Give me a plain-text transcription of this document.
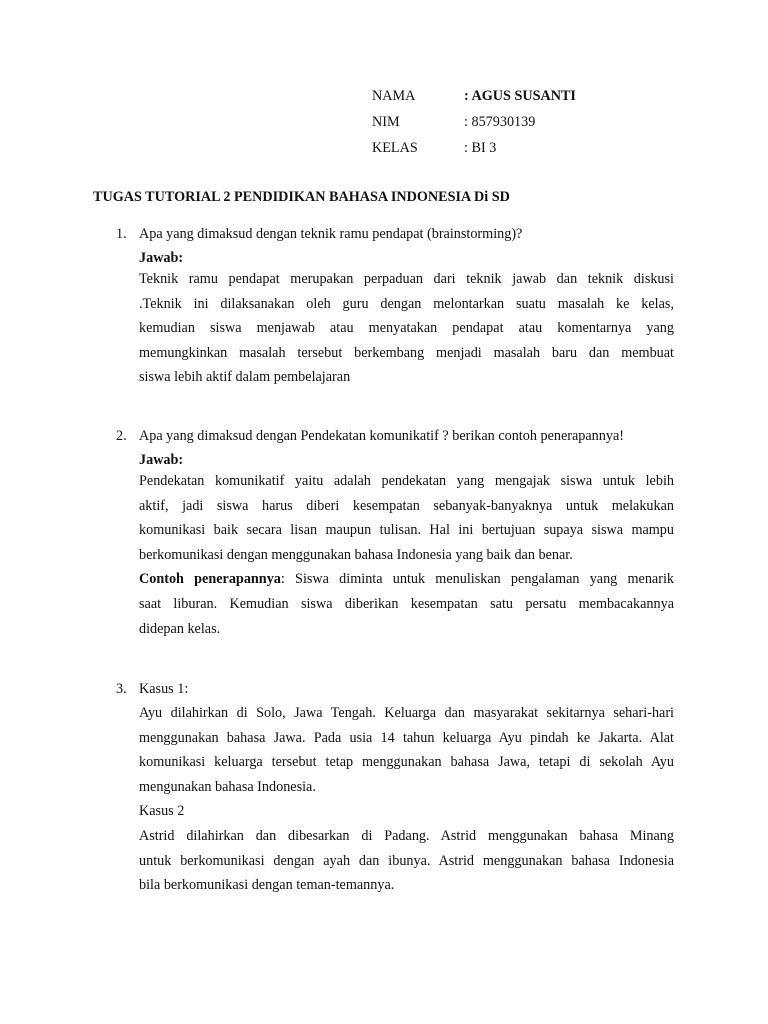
NAMA	: AGUS SUSANTI
NIM	: 857930139
KELAS	: BI 3
TUGAS TUTORIAL 2 PENDIDIKAN BAHASA INDONESIA Di SD
1. Apa yang dimaksud dengan teknik ramu pendapat (brainstorming)?
Jawab:
Teknik ramu pendapat merupakan perpaduan dari teknik jawab dan teknik diskusi
.Teknik ini dilaksanakan oleh guru dengan melontarkan suatu masalah ke kelas,
kemudian siswa menjawab atau menyatakan pendapat atau komentarnya yang
memungkinkan masalah tersebut berkembang menjadi masalah baru dan membuat
siswa lebih aktif dalam pembelajaran
2. Apa yang dimaksud dengan Pendekatan komunikatif ? berikan contoh penerapannya!
Jawab:
Pendekatan komunikatif yaitu adalah pendekatan yang mengajak siswa untuk lebih
aktif, jadi siswa harus diberi kesempatan sebanyak-banyaknya untuk melakukan
komunikasi baik secara lisan maupun tulisan. Hal ini bertujuan supaya siswa mampu
berkomunikasi dengan menggunakan bahasa Indonesia yang baik dan benar.
Contoh penerapannya: Siswa diminta untuk menuliskan pengalaman yang menarik
saat liburan. Kemudian siswa diberikan kesempatan satu persatu membacakannya
didepan kelas.
3. Kasus 1:
Ayu dilahirkan di Solo, Jawa Tengah. Keluarga dan masyarakat sekitarnya sehari-hari
menggunakan bahasa Jawa. Pada usia 14 tahun keluarga Ayu pindah ke Jakarta. Alat
komunikasi keluarga tersebut tetap menggunakan bahasa Jawa, tetapi di sekolah Ayu
mengunakan bahasa Indonesia.
Kasus 2
Astrid dilahirkan dan dibesarkan di Padang. Astrid menggunakan bahasa Minang
untuk berkomunikasi dengan ayah dan ibunya. Astrid menggunakan bahasa Indonesia
bila berkomunikasi dengan teman-temannya.
